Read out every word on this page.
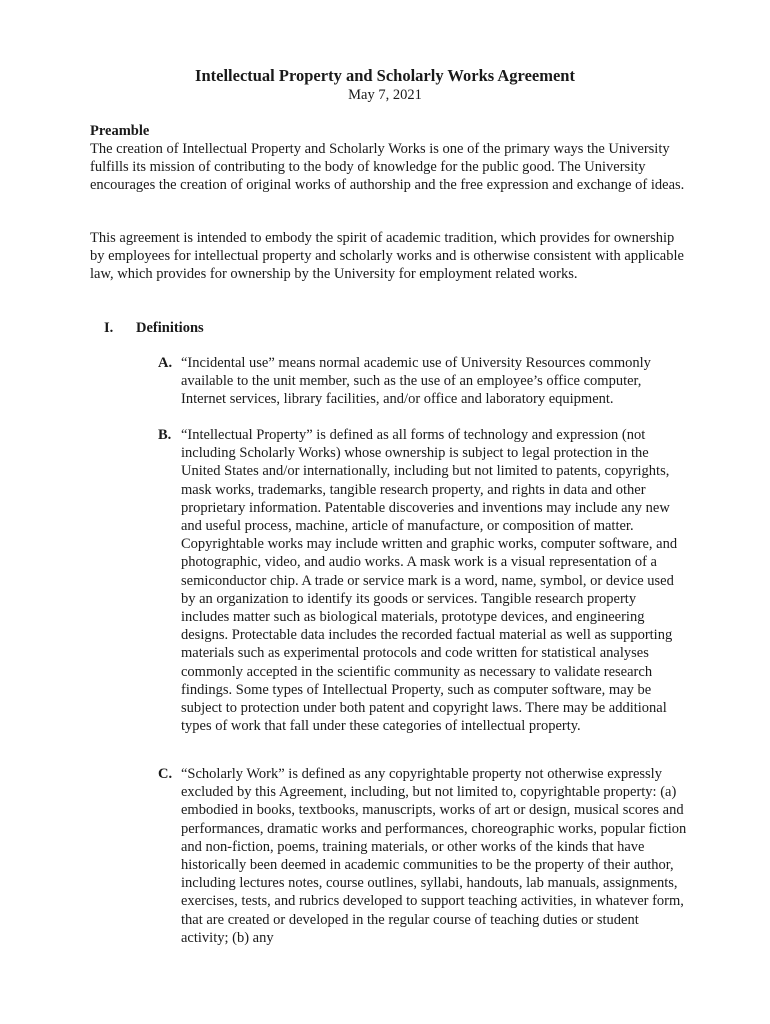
Intellectual Property and Scholarly Works Agreement
May 7, 2021
Preamble
The creation of Intellectual Property and Scholarly Works is one of the primary ways the University fulfills its mission of contributing to the body of knowledge for the public good. The University encourages the creation of original works of authorship and the free expression and exchange of ideas.
This agreement is intended to embody the spirit of academic tradition, which provides for ownership by employees for intellectual property and scholarly works and is otherwise consistent with applicable law, which provides for ownership by the University for employment related works.
I. Definitions
A. “Incidental use” means normal academic use of University Resources commonly available to the unit member, such as the use of an employee’s office computer, Internet services, library facilities, and/or office and laboratory equipment.
B. “Intellectual Property” is defined as all forms of technology and expression (not including Scholarly Works) whose ownership is subject to legal protection in the United States and/or internationally, including but not limited to patents, copyrights, mask works, trademarks, tangible research property, and rights in data and other proprietary information. Patentable discoveries and inventions may include any new and useful process, machine, article of manufacture, or composition of matter. Copyrightable works may include written and graphic works, computer software, and photographic, video, and audio works. A mask work is a visual representation of a semiconductor chip. A trade or service mark is a word, name, symbol, or device used by an organization to identify its goods or services. Tangible research property includes matter such as biological materials, prototype devices, and engineering designs. Protectable data includes the recorded factual material as well as supporting materials such as experimental protocols and code written for statistical analyses commonly accepted in the scientific community as necessary to validate research findings. Some types of Intellectual Property, such as computer software, may be subject to protection under both patent and copyright laws. There may be additional types of work that fall under these categories of intellectual property.
C. “Scholarly Work” is defined as any copyrightable property not otherwise expressly excluded by this Agreement, including, but not limited to, copyrightable property: (a) embodied in books, textbooks, manuscripts, works of art or design, musical scores and performances, dramatic works and performances, choreographic works, popular fiction and non-fiction, poems, training materials, or other works of the kinds that have historically been deemed in academic communities to be the property of their author, including lectures notes, course outlines, syllabi, handouts, lab manuals, assignments, exercises, tests, and rubrics developed to support teaching activities, in whatever form, that are created or developed in the regular course of teaching duties or student activity; (b) any
